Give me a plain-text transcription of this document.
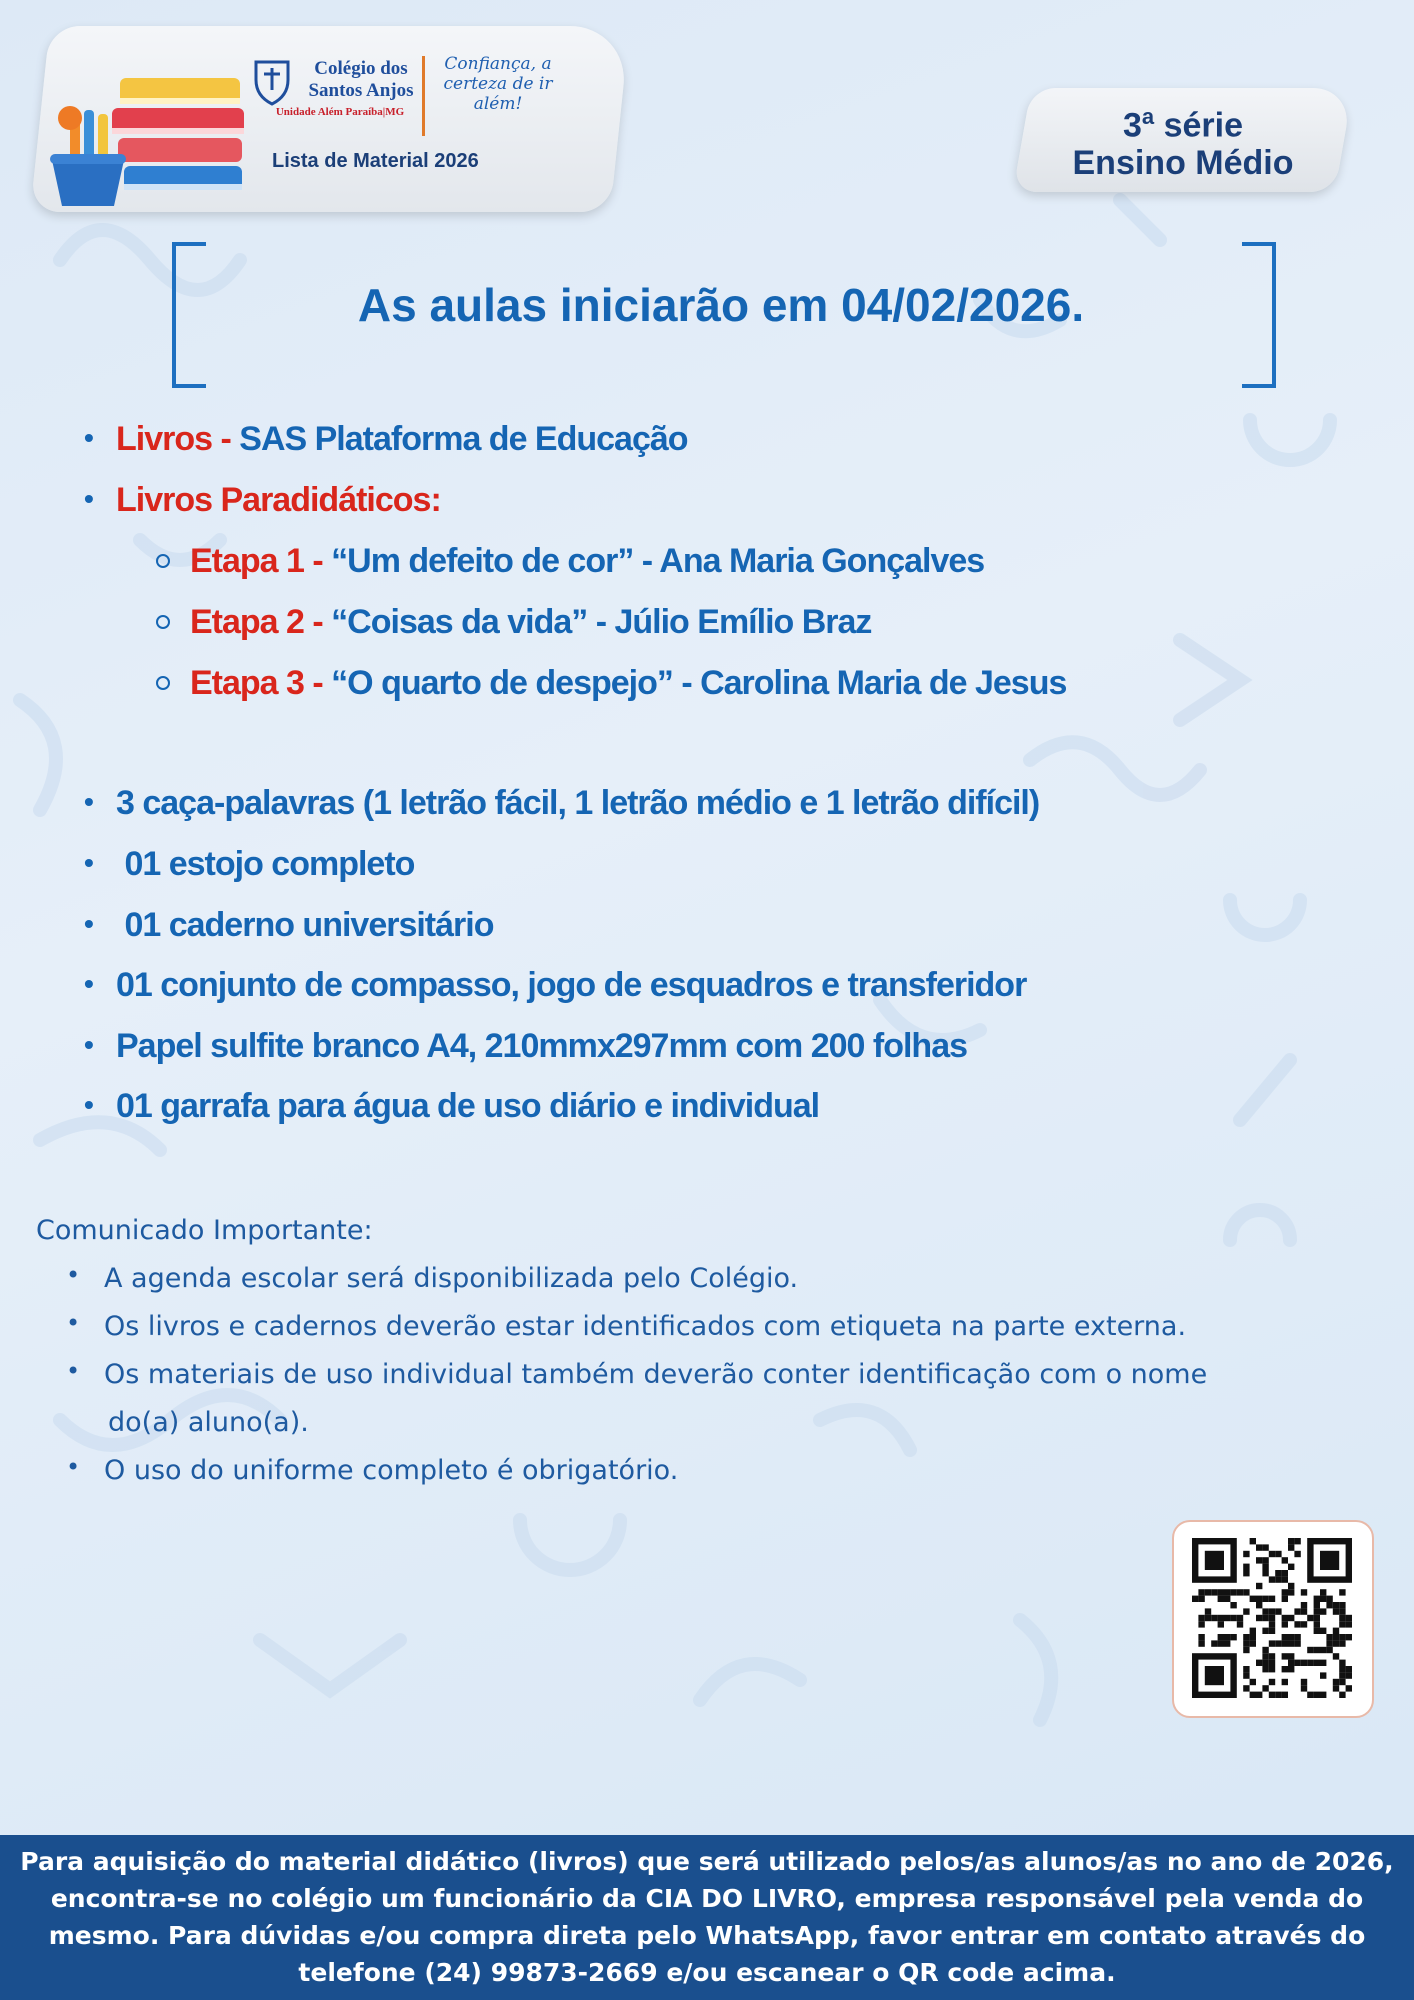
Colégio dos Santos Anjos
Unidade Além Paraíba|MG
Confiança, a certeza de ir além!
Lista de Material 2026
3$^a$ série
Ensino Médio
As aulas iniciarão em 04/02/2026.
• Livros - SAS Plataforma de Educação
• Livros Paradidáticos:
Etapa 1 - “Um defeito de cor” - Ana Maria Gonçalves
Etapa 2 - “Coisas da vida” - Júlio Emílio Braz
Etapa 3 - “O quarto de despejo” - Carolina Maria de Jesus
• 3 caça-palavras (1 letrão fácil, 1 letrão médio e 1 letrão difícil)
• 01 estojo completo
• 01 caderno universitário
• 01 conjunto de compasso, jogo de esquadros e transferidor
• Papel sulfite branco A4, 210mmx297mm com 200 folhas
• 01 garrafa para água de uso diário e individual
Comunicado Importante:
• A agenda escolar será disponibilizada pelo Colégio.
• Os livros e cadernos deverão estar identificados com etiqueta na parte externa.
• Os materiais de uso individual também deverão conter identificação com o nome
do(a) aluno(a).
• O uso do uniforme completo é obrigatório.
Para aquisição do material didático (livros) que será utilizado pelos/as alunos/as no ano de 2026,
encontra-se no colégio um funcionário da CIA DO LIVRO, empresa responsável pela venda do
mesmo. Para dúvidas e/ou compra direta pelo WhatsApp, favor entrar em contato através do
telefone (24) 99873-2669 e/ou escanear o QR code acima.
